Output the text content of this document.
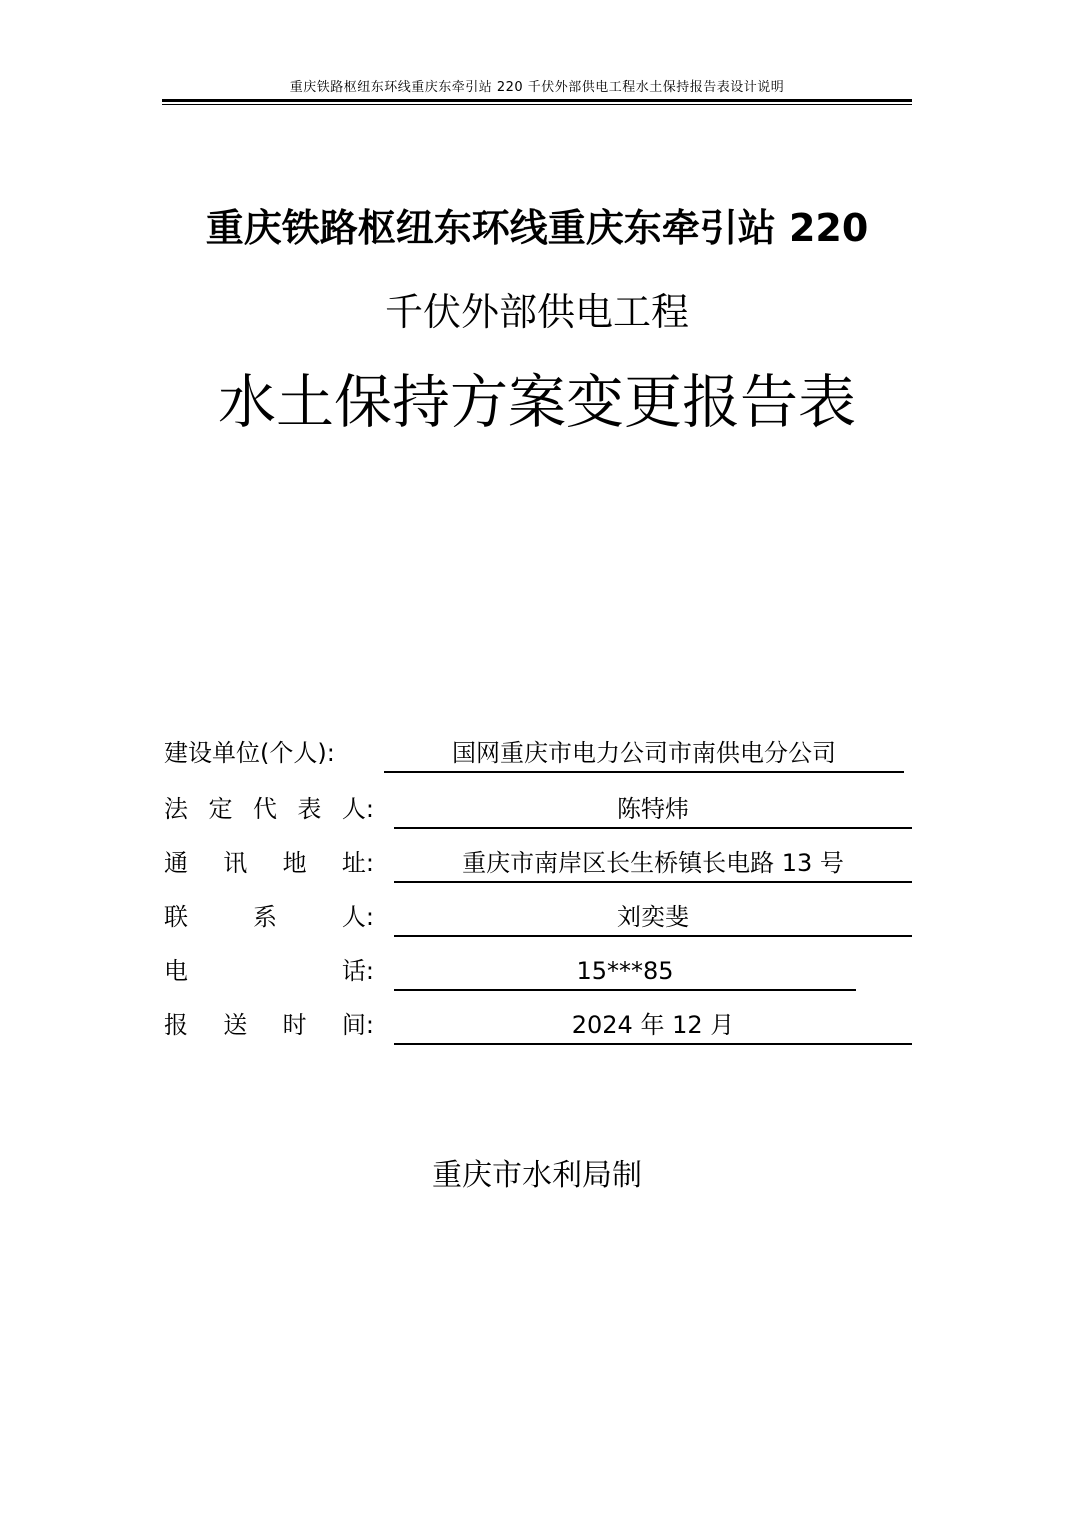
重庆铁路枢纽东环线重庆东牵引站 220 千伏外部供电工程水土保持报告表设计说明
重庆铁路枢纽东环线重庆东牵引站 220
千伏外部供电工程
水土保持方案变更报告表
建设单位(个人):	国网重庆市电力公司市南供电分公司
法 定 代 表 人:	陈特炜
通 讯 地 址:	重庆市南岸区长生桥镇长电路 13 号
联	系	人:	刘奕斐
电	话:	15***85
报 送 时 间:	2024 年 12 月
重庆市水利局制
